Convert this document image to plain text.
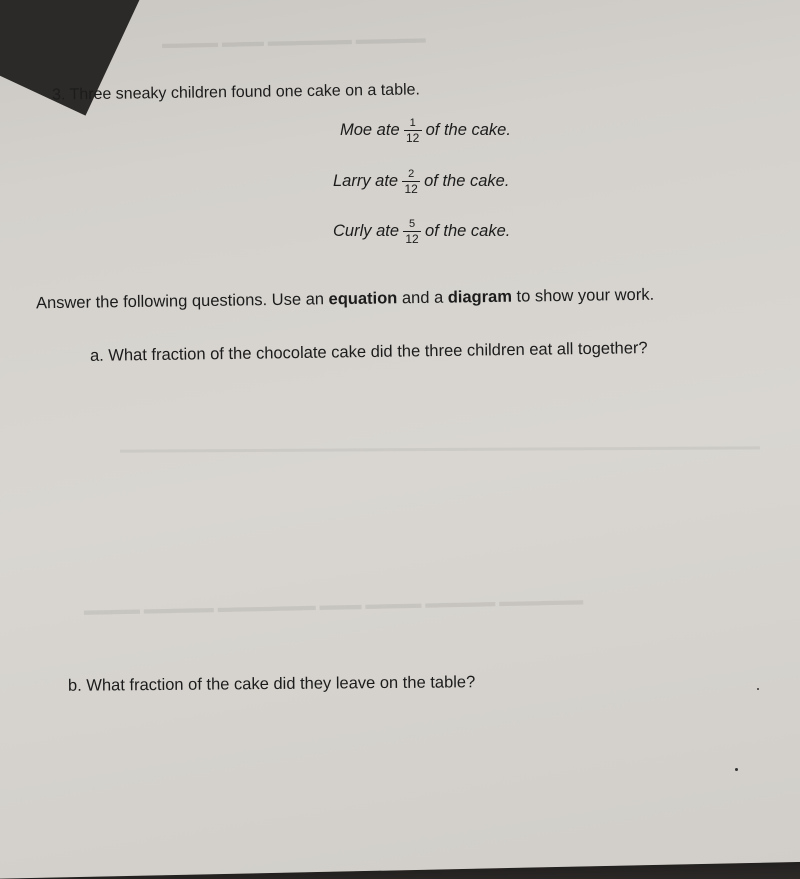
▬▬▬▬ ▬▬▬ ▬▬▬▬▬▬ ▬▬▬▬▬
▬▬▬▬ ▬▬▬▬▬ ▬▬▬▬▬▬▬ ▬▬▬ ▬▬▬▬ ▬▬▬▬▬ ▬▬▬▬▬▬
3. Three sneaky children found one cake on a table.
Moe ate $\frac{1}{12}$ of the cake.
Larry ate $\frac{2}{12}$ of the cake.
Curly ate $\frac{5}{12}$ of the cake.
Answer the following questions. Use an equation and a diagram to show your work.
a. What fraction of the chocolate cake did the three children eat all together?
b. What fraction of the cake did they leave on the table?
